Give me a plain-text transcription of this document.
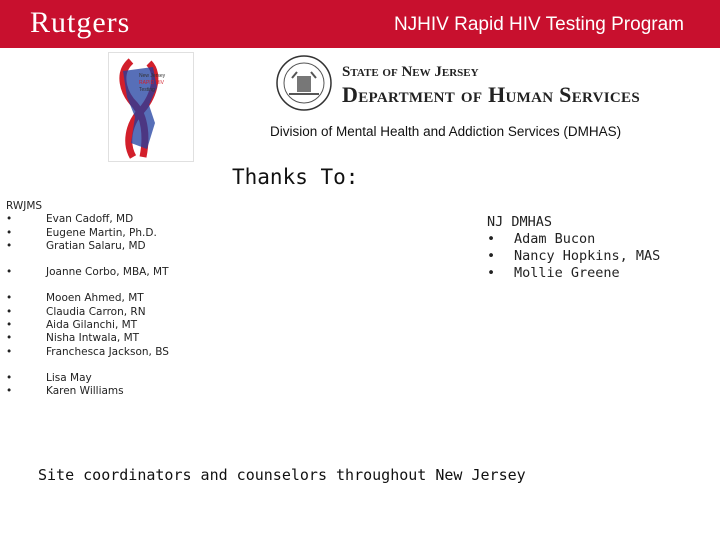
Rutgers	NJHIV Rapid HIV Testing Program
New Jersey
RAPID HIV
Testing
State of New Jersey
Department of Human Services
Division of Mental Health and Addiction Services (DMHAS)
Thanks To:
RWJMS
•	Evan Cadoff, MD
•	Eugene Martin, Ph.D.
•	Gratian Salaru, MD
•	Joanne Corbo, MBA, MT
•	Mooen Ahmed, MT
•	Claudia Carron, RN
•	Aida Gilanchi, MT
•	Nisha Intwala, MT
•	Franchesca Jackson, BS
•	Lisa May
•	Karen Williams
NJ DMHAS
• Adam Bucon
• Nancy Hopkins, MAS
• Mollie Greene
Site coordinators and counselors throughout New Jersey
